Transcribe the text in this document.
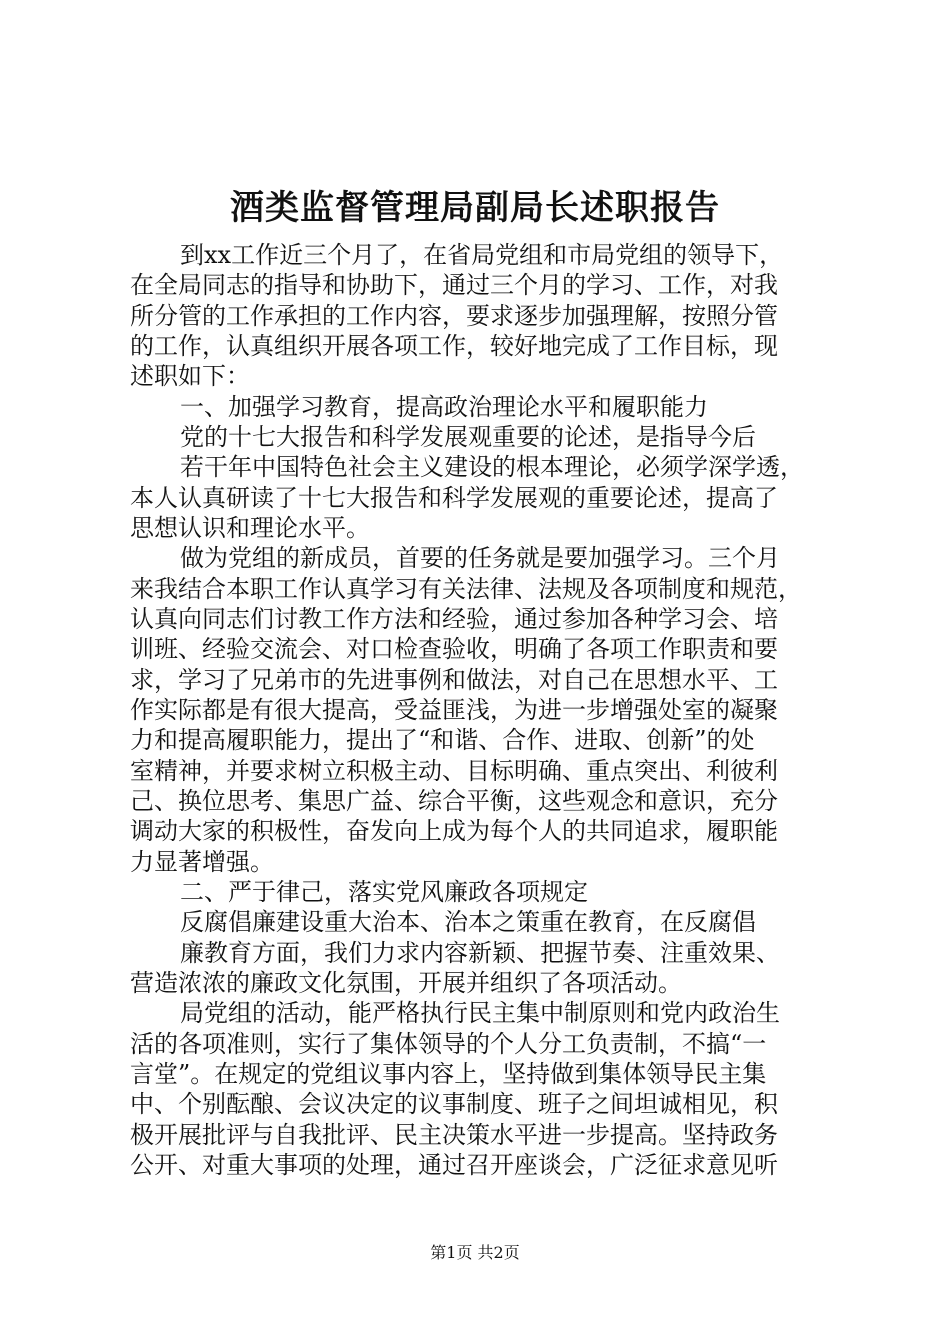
酒类监督管理局副局长述职报告
到xx工作近三个月了，在省局党组和市局党组的领导下，
在全局同志的指导和协助下，通过三个月的学习、工作，对我
所分管的工作承担的工作内容，要求逐步加强理解，按照分管
的工作，认真组织开展各项工作，较好地完成了工作目标，现
述职如下：
一、加强学习教育，提高政治理论水平和履职能力
党的十七大报告和科学发展观重要的论述，是指导今后
若干年中国特色社会主义建设的根本理论，必须学深学透，
本人认真研读了十七大报告和科学发展观的重要论述，提高了
思想认识和理论水平。
做为党组的新成员，首要的任务就是要加强学习。三个月
来我结合本职工作认真学习有关法律、法规及各项制度和规范，
认真向同志们讨教工作方法和经验，通过参加各种学习会、培
训班、经验交流会、对口检查验收，明确了各项工作职责和要
求，学习了兄弟市的先进事例和做法，对自己在思想水平、工
作实际都是有很大提高，受益匪浅，为进一步增强处室的凝聚
力和提高履职能力，提出了“和谐、合作、进取、创新”的处
室精神，并要求树立积极主动、目标明确、重点突出、利彼利
己、换位思考、集思广益、综合平衡，这些观念和意识，充分
调动大家的积极性，奋发向上成为每个人的共同追求，履职能
力显著增强。
二、严于律己，落实党风廉政各项规定
反腐倡廉建设重大治本、治本之策重在教育，在反腐倡
廉教育方面，我们力求内容新颖、把握节奏、注重效果、
营造浓浓的廉政文化氛围，开展并组织了各项活动。
局党组的活动，能严格执行民主集中制原则和党内政治生
活的各项准则，实行了集体领导的个人分工负责制，不搞“一
言堂”。在规定的党组议事内容上，坚持做到集体领导民主集
中、个别酝酿、会议决定的议事制度、班子之间坦诚相见，积
极开展批评与自我批评、民主决策水平进一步提高。坚持政务
公开、对重大事项的处理，通过召开座谈会，广泛征求意见听
第1页 共2页
